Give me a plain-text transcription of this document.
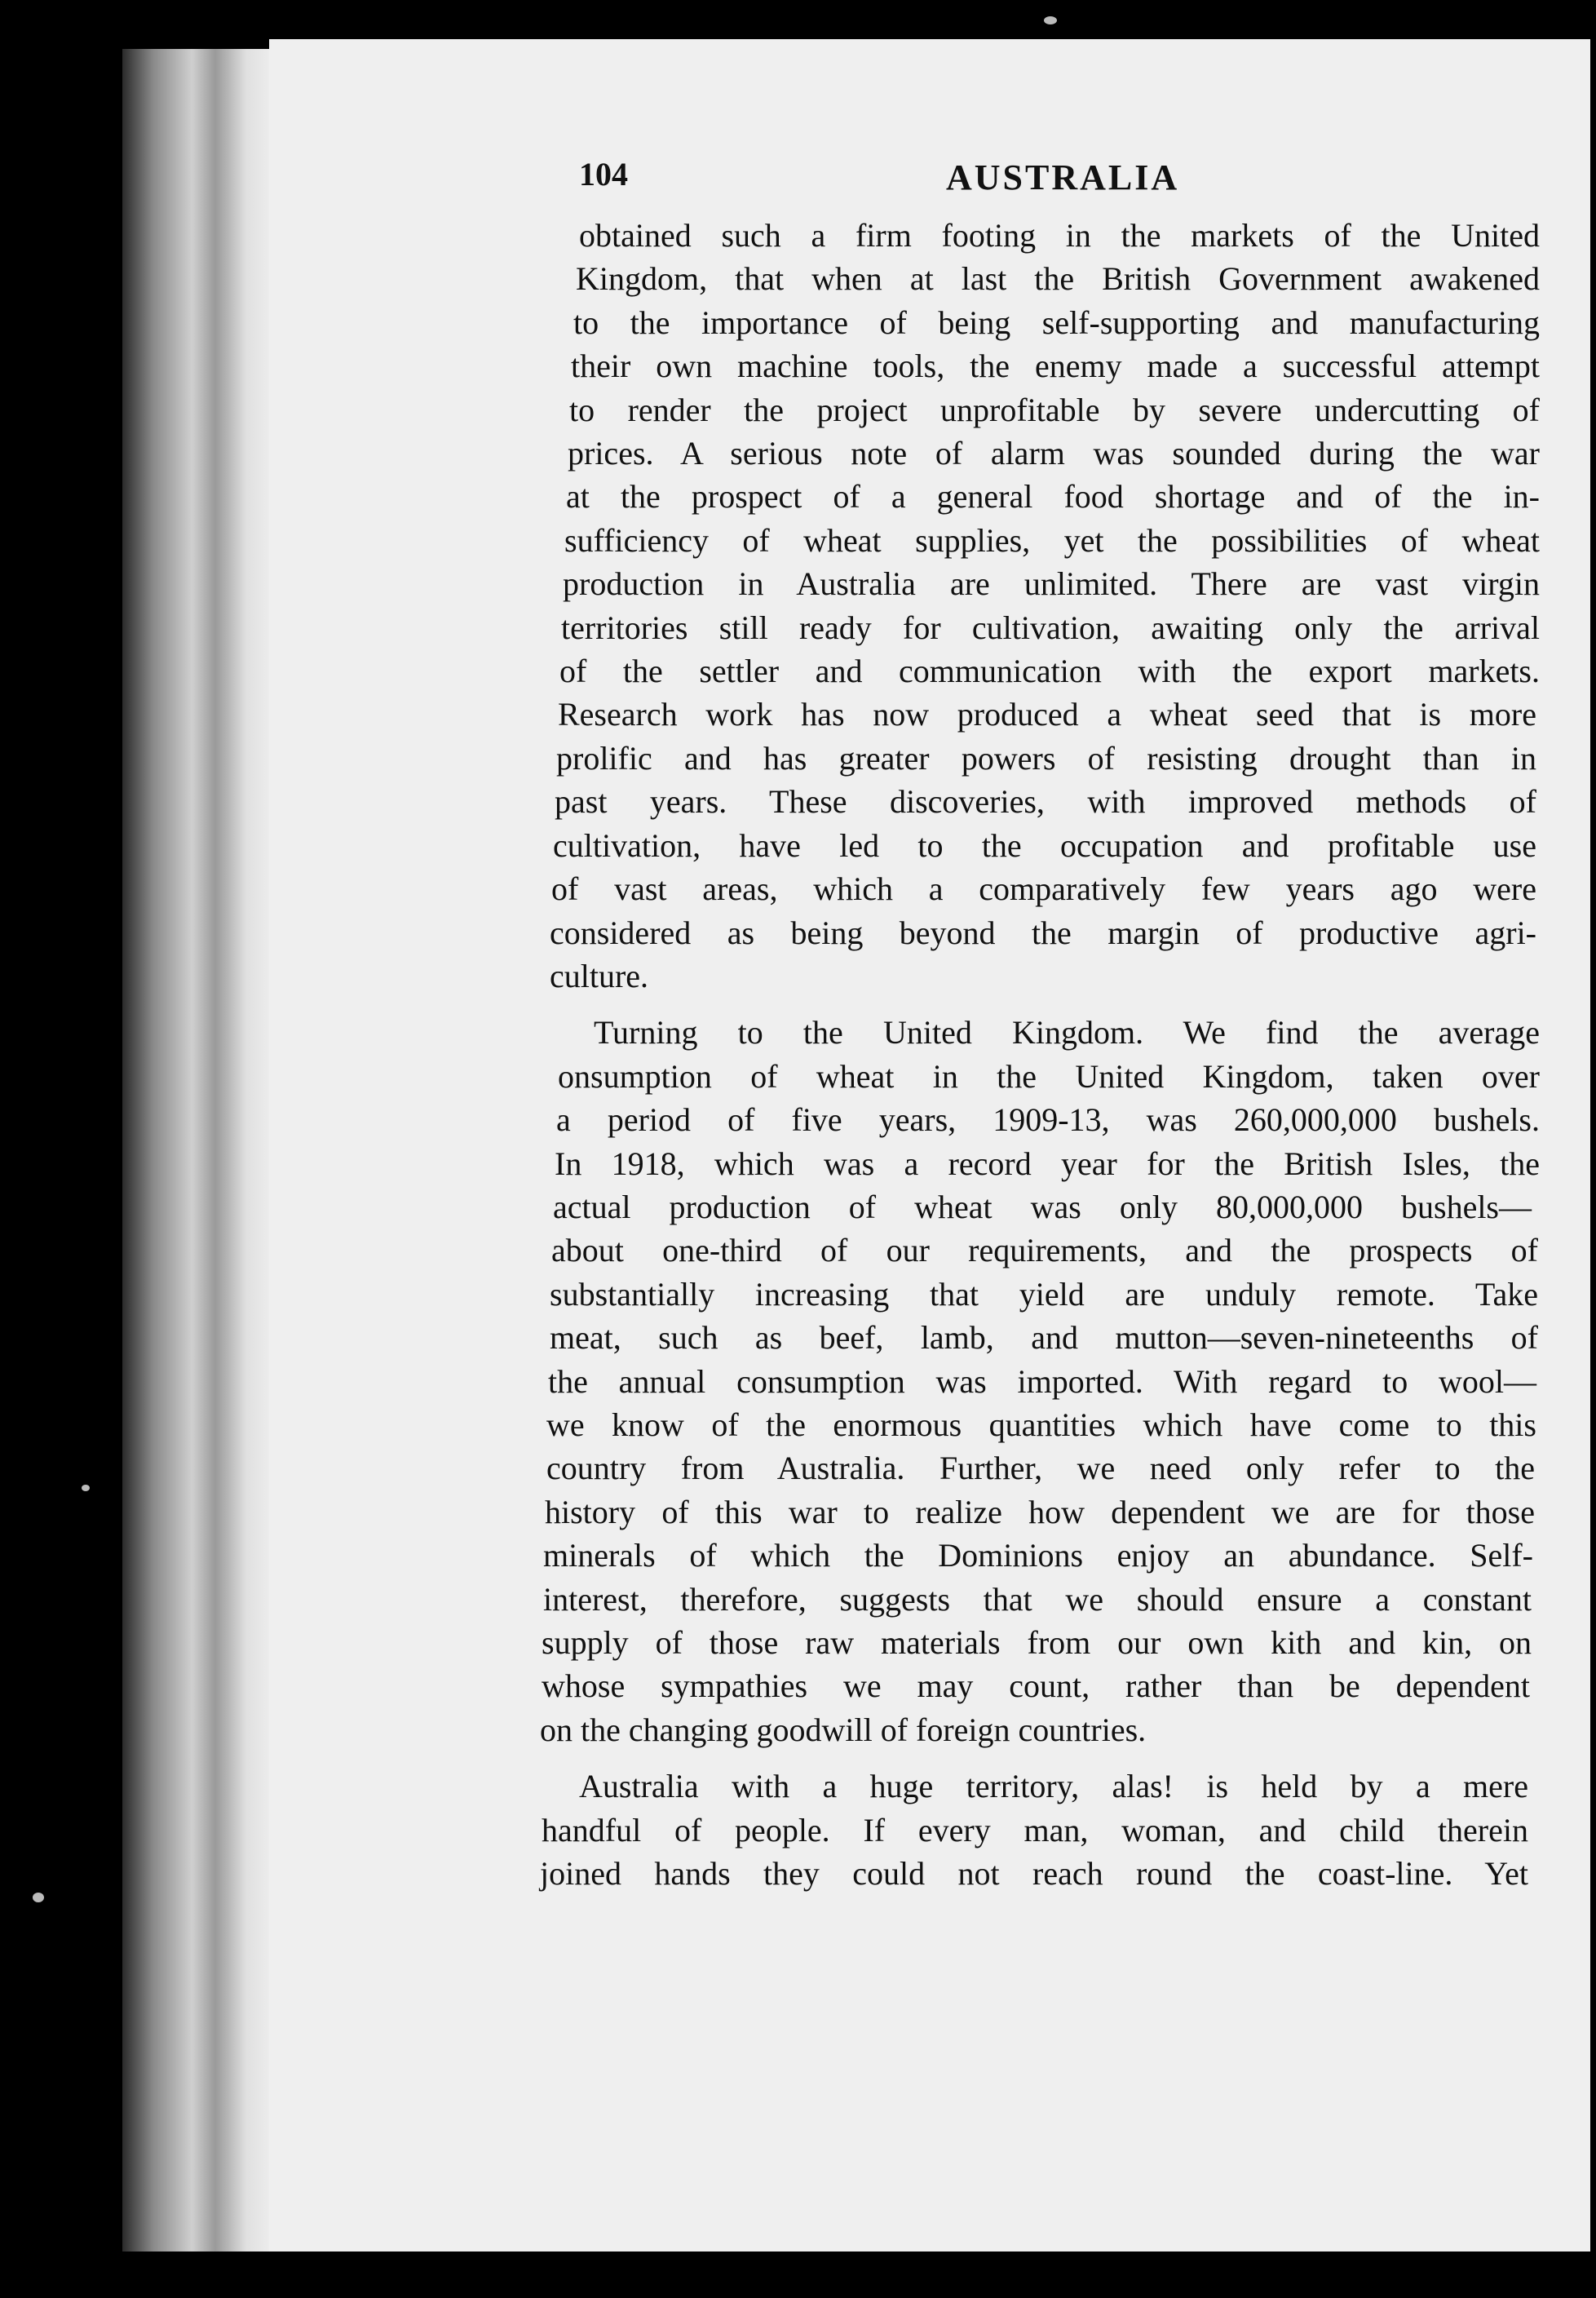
104	AUSTRALIA
obtained such a firm footing in the markets of the United
Kingdom, that when at last the British Government awakened
to the importance of being self-supporting and manufacturing
their own machine tools, the enemy made a successful attempt
to render the project unprofitable by severe undercutting of
prices. A serious note of alarm was sounded during the war
at the prospect of a general food shortage and of the in-
sufficiency of wheat supplies, yet the possibilities of wheat
production in Australia are unlimited. There are vast virgin
territories still ready for cultivation, awaiting only the arrival
of the settler and communication with the export markets.
Research work has now produced a wheat seed that is more
prolific and has greater powers of resisting drought than in
past years. These discoveries, with improved methods of
cultivation, have led to the occupation and profitable use
of vast areas, which a comparatively few years ago were
considered as being beyond the margin of productive agri-
culture.
Turning to the United Kingdom. We find the average
onsumption of wheat in the United Kingdom, taken over
a period of five years, 1909-13, was 260,000,000 bushels.
In 1918, which was a record year for the British Isles, the
actual production of wheat was only 80,000,000 bushels—
about one-third of our requirements, and the prospects of
substantially increasing that yield are unduly remote. Take
meat, such as beef, lamb, and mutton—seven-nineteenths of
the annual consumption was imported. With regard to wool—
we know of the enormous quantities which have come to this
country from Australia. Further, we need only refer to the
history of this war to realize how dependent we are for those
minerals of which the Dominions enjoy an abundance. Self-
interest, therefore, suggests that we should ensure a constant
supply of those raw materials from our own kith and kin, on
whose sympathies we may count, rather than be dependent
on the changing goodwill of foreign countries.
Australia with a huge territory, alas! is held by a mere
handful of people. If every man, woman, and child therein
joined hands they could not reach round the coast-line. Yet
